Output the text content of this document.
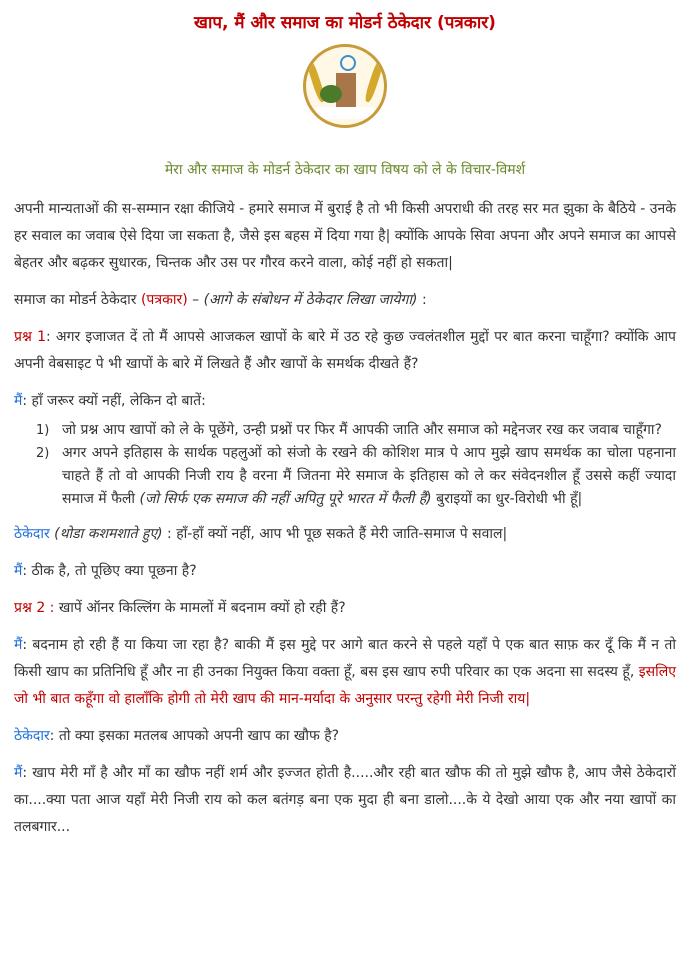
खाप, मैं और समाज का मोडर्न ठेकेदार (पत्रकार)
मेरा और समाज के मोडर्न ठेकेदार का खाप विषय को ले के विचार-विमर्श

अपनी मान्यताओं की स-सम्मान रक्षा कीजिये - हमारे समाज में बुराई है तो भी किसी अपराधी की तरह सर मत झुका के बैठिये - उनके हर सवाल का जवाब ऐसे दिया जा सकता है, जैसे इस बहस में दिया गया है| क्योंकि आपके सिवा अपना और अपने समाज का आपसे बेहतर और बढ़कर सुधारक, चिन्तक और उस पर गौरव करने वाला, कोई नहीं हो सकता|

समाज का मोडर्न ठेकेदार (पत्रकार) – (आगे के संबोधन में ठेकेदार लिखा जायेगा) :

प्रश्न 1: अगर इजाजत दें तो मैं आपसे आजकल खापों के बारे में उठ रहे कुछ ज्वलंतशील मुद्दों पर बात करना चाहूँगा? क्योंकि आप अपनी वेबसाइट पे भी खापों के बारे में लिखते हैं और खापों के समर्थक दीखते हैं?

मैं: हाँ जरूर क्यों नहीं, लेकिन दो बातें:

1) जो प्रश्न आप खापों को ले के पूछेंगे, उन्ही प्रश्नों पर फिर मैं आपकी जाति और समाज को मद्देनजर रख कर जवाब चाहूँगा?
2) अगर अपने इतिहास के सार्थक पहलुओं को संजो के रखने की कोशिश मात्र पे आप मुझे खाप समर्थक का चोला पहनाना चाहते हैं तो वो आपकी निजी राय है वरना मैं जितना मेरे समाज के इतिहास को ले कर संवेदनशील हूँ उससे कहीं ज्यादा समाज में फैली (जो सिर्फ एक समाज की नहीं अपितु पूरे भारत में फैली हैं) बुराइयों का धुर-विरोधी भी हूँ|

ठेकेदार (थोडा कशमशाते हुए) : हाँ-हाँ क्यों नहीं, आप भी पूछ सकते हैं मेरी जाति-समाज पे सवाल|

मैं: ठीक है, तो पूछिए क्या पूछना है?

प्रश्न 2 : खापें ऑनर किल्लिंग के मामलों में बदनाम क्यों हो रही हैं?

मैं: बदनाम हो रही हैं या किया जा रहा है? बाकी मैं इस मुद्दे पर आगे बात करने से पहले यहाँ पे एक बात साफ़ कर दूँ कि मैं न तो किसी खाप का प्रतिनिधि हूँ और ना ही उनका नियुक्त किया वक्ता हूँ, बस इस खाप रुपी परिवार का एक अदना सा सदस्य हूँ, इसलिए जो भी बात कहूँगा वो हालाँकि होगी तो मेरी खाप की मान-मर्यादा के अनुसार परन्तु रहेगी मेरी निजी राय|

ठेकेदार: तो क्या इसका मतलब आपको अपनी खाप का खौफ है?

मैं: खाप मेरी माँ है और माँ का खौफ नहीं शर्म और इज्जत होती है.....और रही बात खौफ की तो मुझे खौफ है, आप जैसे ठेकेदारों का....क्या पता आज यहाँ मेरी निजी राय को कल बतंगड़ बना एक मुदा ही बना डालो....के ये देखो आया एक और नया खापों का तलबगार...
